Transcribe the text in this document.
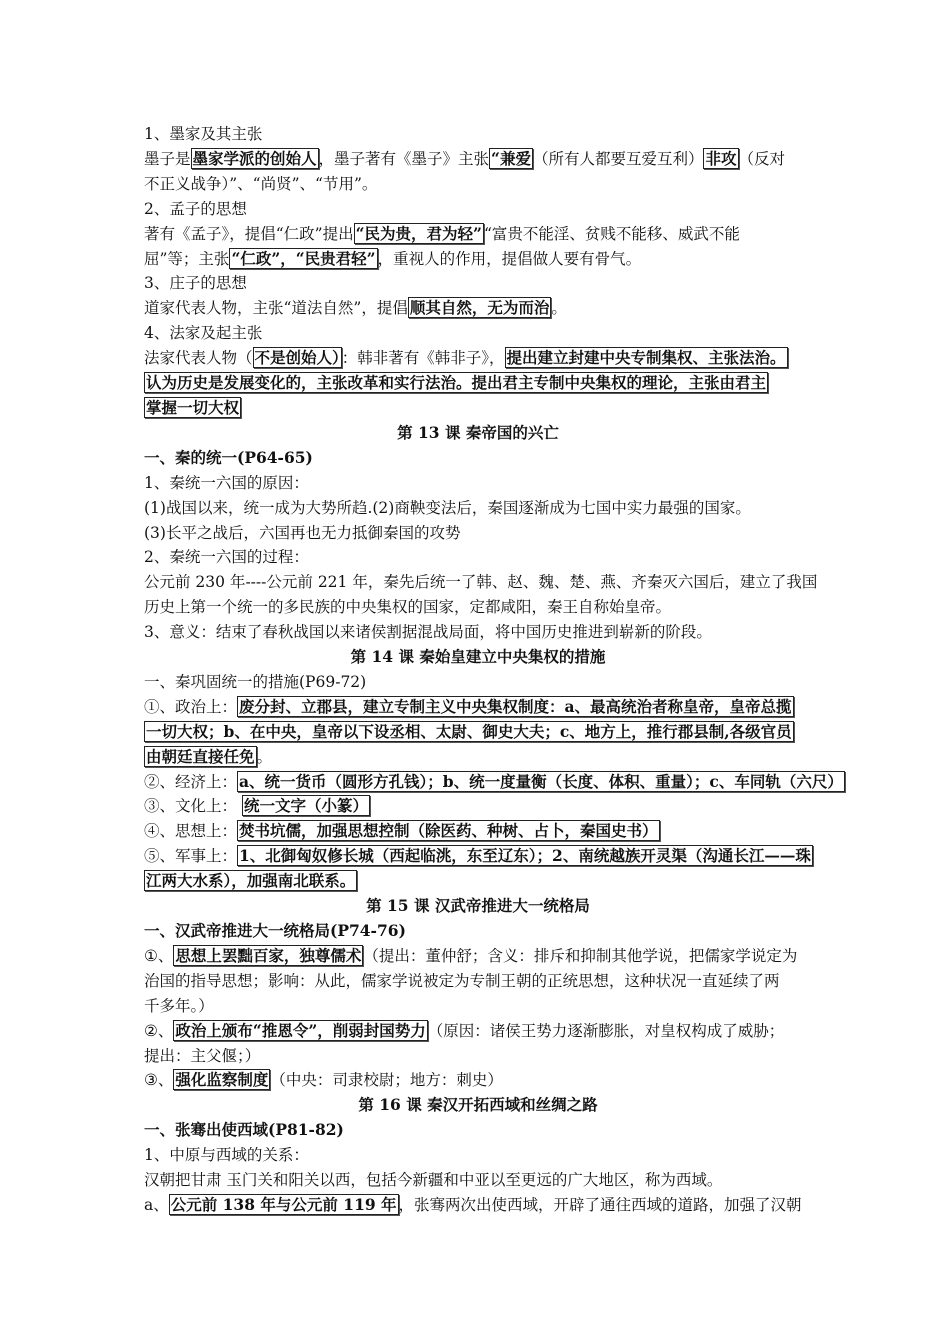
1、墨家及其主张
墨子是 墨家学派的创始人 ，墨子著有《墨子》主张 “兼爱 （所有人都要互爱互利） 非攻 （反对
不正义战争）”、“尚贤”、“节用”。
2、孟子的思想
著有《孟子》，提倡“仁政”提出 “民为贵，君为轻” “富贵不能淫、贫贱不能移、威武不能
屈”等；主张 “仁政”，“民贵君轻” ，重视人的作用，提倡做人要有骨气。
3、庄子的思想
道家代表人物，主张“道法自然”，提倡 顺其自然，无为而治 。
4、法家及起主张
法家代表人物（ 不是创始人） ：韩非著有《韩非子》， 提出建立封建中央专制集权、主张法治。
认为历史是发展变化的，主张改革和实行法治。提出君主专制中央集权的理论，主张由君主
掌握一切大权
第 13 课 秦帝国的兴亡
一、秦的统一(P64-65)
1、秦统一六国的原因：
(1)战国以来，统一成为大势所趋.(2)商鞅变法后，秦国逐渐成为七国中实力最强的国家。
(3)长平之战后，六国再也无力抵御秦国的攻势
2、秦统一六国的过程：
公元前 230 年----公元前 221 年，秦先后统一了韩、赵、魏、楚、燕、齐秦灭六国后，建立了我国
历史上第一个统一的多民族的中央集权的国家，定都咸阳，秦王自称始皇帝。
3、意义：结束了春秋战国以来诸侯割据混战局面，将中国历史推进到崭新的阶段。
第 14 课 秦始皇建立中央集权的措施
一、秦巩固统一的措施(P69-72)
①、政治上： 废分封、立郡县，建立专制主义中央集权制度：a、最高统治者称皇帝，皇帝总揽
一切大权；b、在中央，皇帝以下设丞相、太尉、御史大夫；c、地方上，推行郡县制,各级官员
由朝廷直接任免 。
②、经济上： a、统一货币（圆形方孔钱）；b、统一度量衡（长度、体积、重量）；c、车同轨（六尺）
③、文化上： 统一文字（小篆）
④、思想上： 焚书坑儒，加强思想控制（除医药、种树、占卜，秦国史书）
⑤、军事上： 1、北御匈奴修长城（西起临洮，东至辽东）；2、南统越族开灵渠（沟通长江——珠
江两大水系），加强南北联系。
第 15 课 汉武帝推进大一统格局
一、汉武帝推进大一统格局(P74-76)
①、 思想上罢黜百家，独尊儒术 （提出：董仲舒；含义：排斥和抑制其他学说，把儒家学说定为
治国的指导思想；影响：从此，儒家学说被定为专制王朝的正统思想，这种状况一直延续了两
千多年。）
②、 政治上颁布“推恩令”，削弱封国势力 （原因：诸侯王势力逐渐膨胀，对皇权构成了威胁；
提出：主父偃；）
③、 强化监察制度 （中央：司隶校尉；地方：刺史）
第 16 课 秦汉开拓西域和丝绸之路
一、张骞出使西域(P81-82)
1、中原与西域的关系：
汉朝把甘肃 玉门关和阳关以西，包括今新疆和中亚以至更远的广大地区，称为西域。
a、 公元前 138 年与公元前 119 年 ，张骞两次出使西域，开辟了通往西域的道路，加强了汉朝
